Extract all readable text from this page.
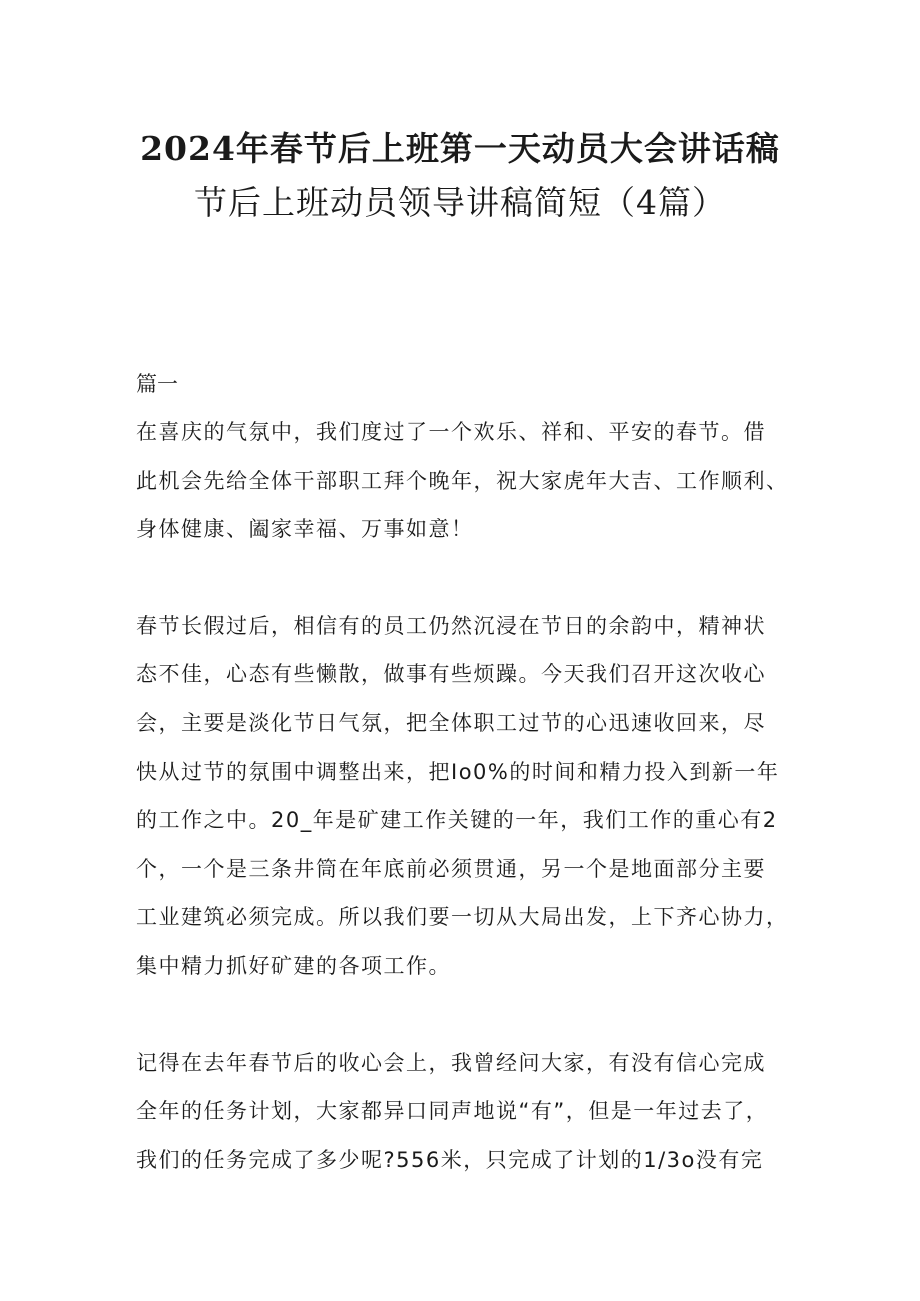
2024年春节后上班第一天动员大会讲话稿
节后上班动员领导讲稿简短（4篇）
篇一
在喜庆的气氛中，我们度过了一个欢乐、祥和、平安的春节。借
此机会先给全体干部职工拜个晚年，祝大家虎年大吉、工作顺利、
身体健康、阖家幸福、万事如意！
春节长假过后，相信有的员工仍然沉浸在节日的余韵中，精神状
态不佳，心态有些懒散，做事有些烦躁。今天我们召开这次收心
会，主要是淡化节日气氛，把全体职工过节的心迅速收回来，尽
快从过节的氛围中调整出来，把Io0%的时间和精力投入到新一年
的工作之中。20_年是矿建工作关键的一年，我们工作的重心有2
个，一个是三条井筒在年底前必须贯通，另一个是地面部分主要
工业建筑必须完成。所以我们要一切从大局出发，上下齐心协力，
集中精力抓好矿建的各项工作。
记得在去年春节后的收心会上，我曾经问大家，有没有信心完成
全年的任务计划，大家都异口同声地说“有”，但是一年过去了，
我们的任务完成了多少呢?556米，只完成了计划的1/3o没有完
